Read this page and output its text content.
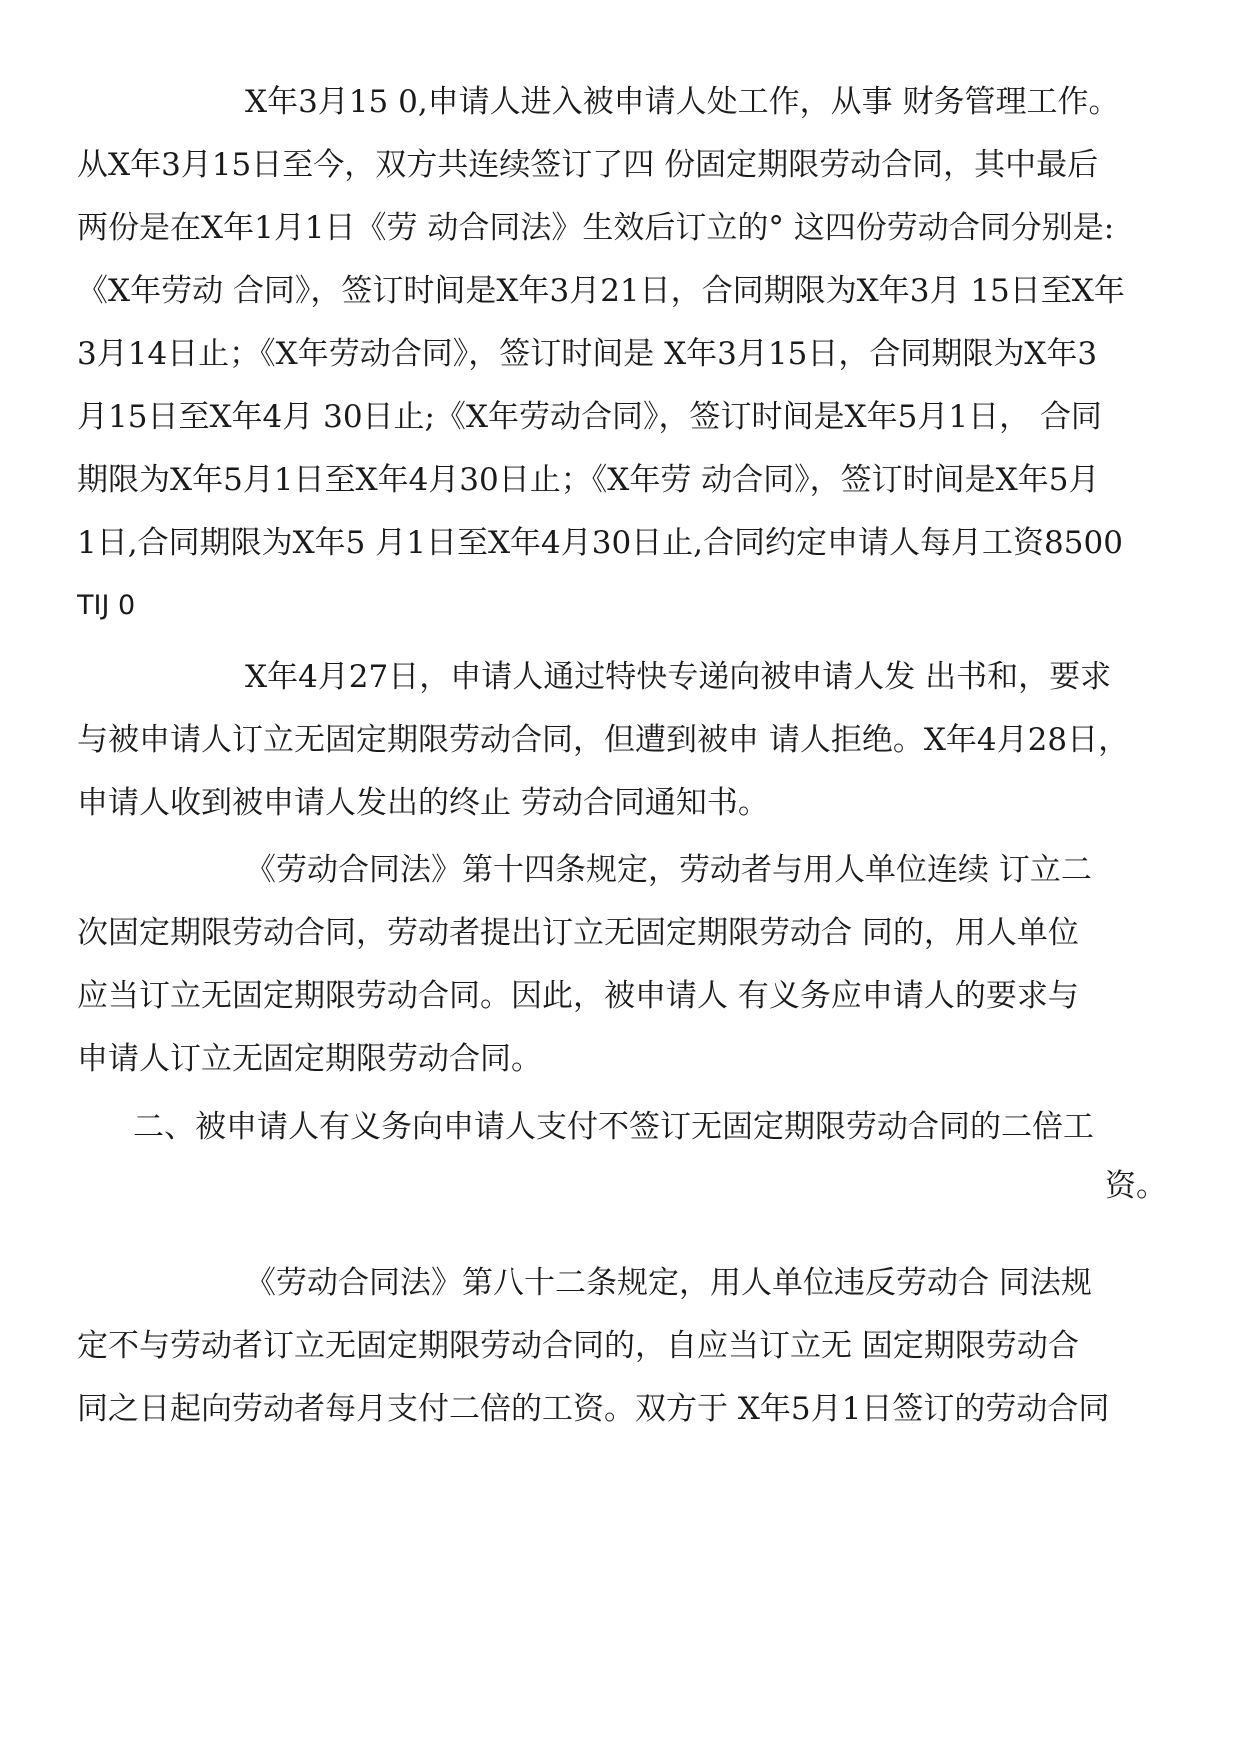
X年3月15 0,申请人进入被申请人处工作，从事 财务管理工作。
从X年3月15日至今，双方共连续签订了四 份固定期限劳动合同，其中最后
两份是在X年1月1日《劳 动合同法》生效后订立的° 这四份劳动合同分别是:
《X年劳动 合同》，签订时间是X年3月21日，合同期限为X年3月 15日至X年
3月14日止；《X年劳动合同》，签订时间是 X年3月15日，合同期限为X年3
月15日至X年4月 30日止;《X年劳动合同》，签订时间是X年5月1日， 合同
期限为X年5月1日至X年4月30日止；《X年劳 动合同》，签订时间是X年5月
1日,合同期限为X年5 月1日至X年4月30日止,合同约定申请人每月工资8500
TIJ 0
X年4月27日，申请人通过特快专递向被申请人发 出书和，要求
与被申请人订立无固定期限劳动合同，但遭到被申 请人拒绝。X年4月28日，
申请人收到被申请人发出的终止 劳动合同通知书。
《劳动合同法》第十四条规定，劳动者与用人单位连续 订立二
次固定期限劳动合同，劳动者提出订立无固定期限劳动合 同的，用人单位
应当订立无固定期限劳动合同。因此，被申请人 有义务应申请人的要求与
申请人订立无固定期限劳动合同。
二、被申请人有义务向申请人支付不签订无固定期限劳动合同的二倍工
资。
《劳动合同法》第八十二条规定，用人单位违反劳动合 同法规
定不与劳动者订立无固定期限劳动合同的，自应当订立无 固定期限劳动合
同之日起向劳动者每月支付二倍的工资。双方于 X年5月1日签订的劳动合同
